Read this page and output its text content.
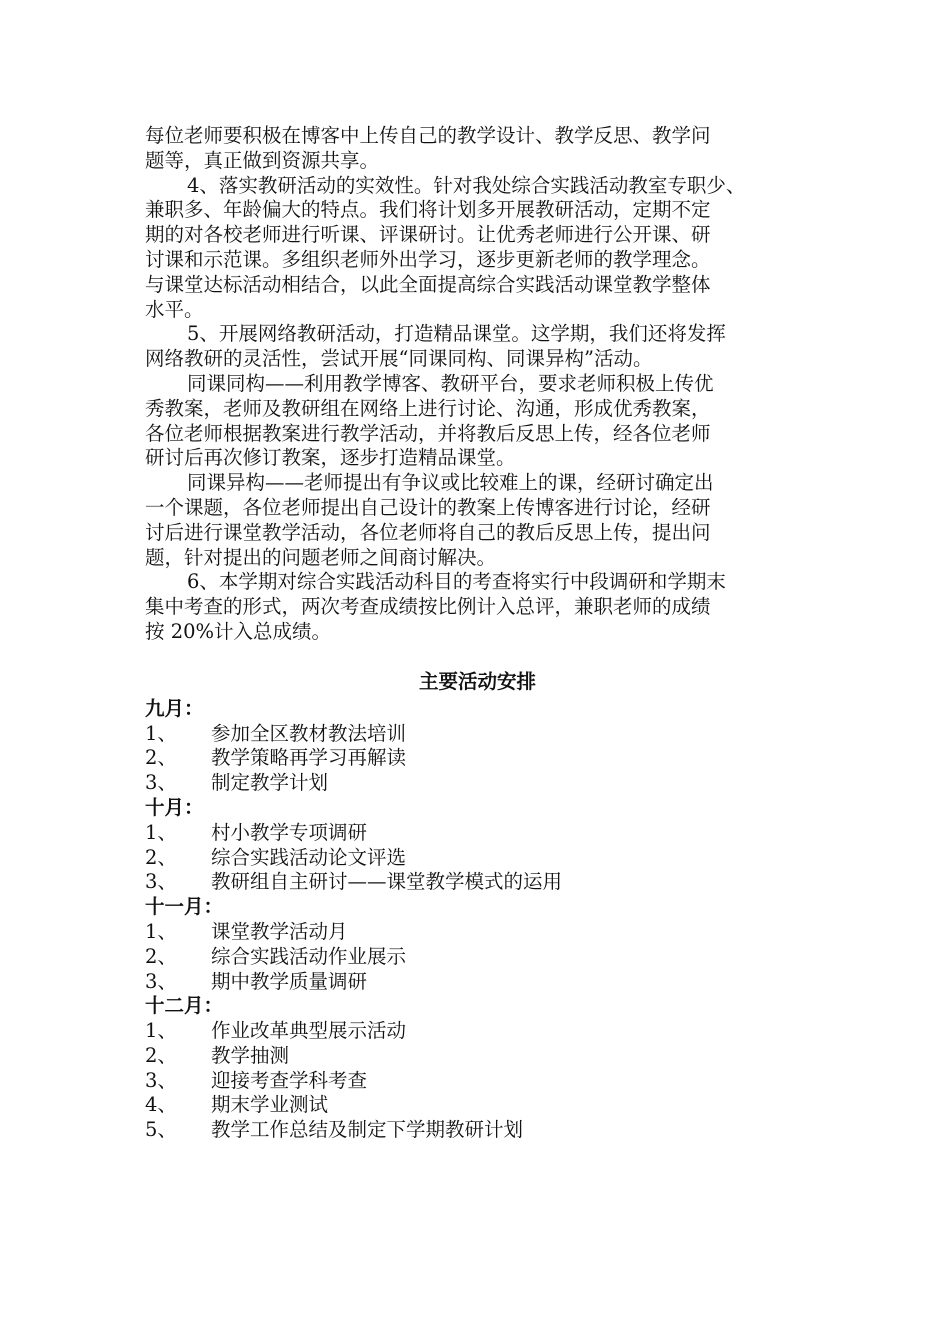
每位老师要积极在博客中上传自己的教学设计、教学反思、教学问
题等，真正做到资源共享。
4、落实教研活动的实效性。针对我处综合实践活动教室专职少、
兼职多、年龄偏大的特点。我们将计划多开展教研活动，定期不定
期的对各校老师进行听课、评课研讨。让优秀老师进行公开课、研
讨课和示范课。多组织老师外出学习，逐步更新老师的教学理念。
与课堂达标活动相结合，以此全面提高综合实践活动课堂教学整体
水平。
5、开展网络教研活动，打造精品课堂。这学期，我们还将发挥
网络教研的灵活性，尝试开展“同课同构、同课异构”活动。
同课同构——利用教学博客、教研平台，要求老师积极上传优
秀教案，老师及教研组在网络上进行讨论、沟通，形成优秀教案，
各位老师根据教案进行教学活动，并将教后反思上传，经各位老师
研讨后再次修订教案，逐步打造精品课堂。
同课异构——老师提出有争议或比较难上的课，经研讨确定出
一个课题，各位老师提出自己设计的教案上传博客进行讨论，经研
讨后进行课堂教学活动，各位老师将自己的教后反思上传，提出问
题，针对提出的问题老师之间商讨解决。
6、本学期对综合实践活动科目的考查将实行中段调研和学期末
集中考查的形式，两次考查成绩按比例计入总评，兼职老师的成绩
按 20%计入总成绩。
主要活动安排
九月：
1、	参加全区教材教法培训
2、	教学策略再学习再解读
3、	制定教学计划
十月：
1、	村小教学专项调研
2、	综合实践活动论文评选
3、	教研组自主研讨——课堂教学模式的运用
十一月：
1、	课堂教学活动月
2、	综合实践活动作业展示
3、	期中教学质量调研
十二月：
1、	作业改革典型展示活动
2、	教学抽测
3、	迎接考查学科考查
4、	期末学业测试
5、	教学工作总结及制定下学期教研计划
